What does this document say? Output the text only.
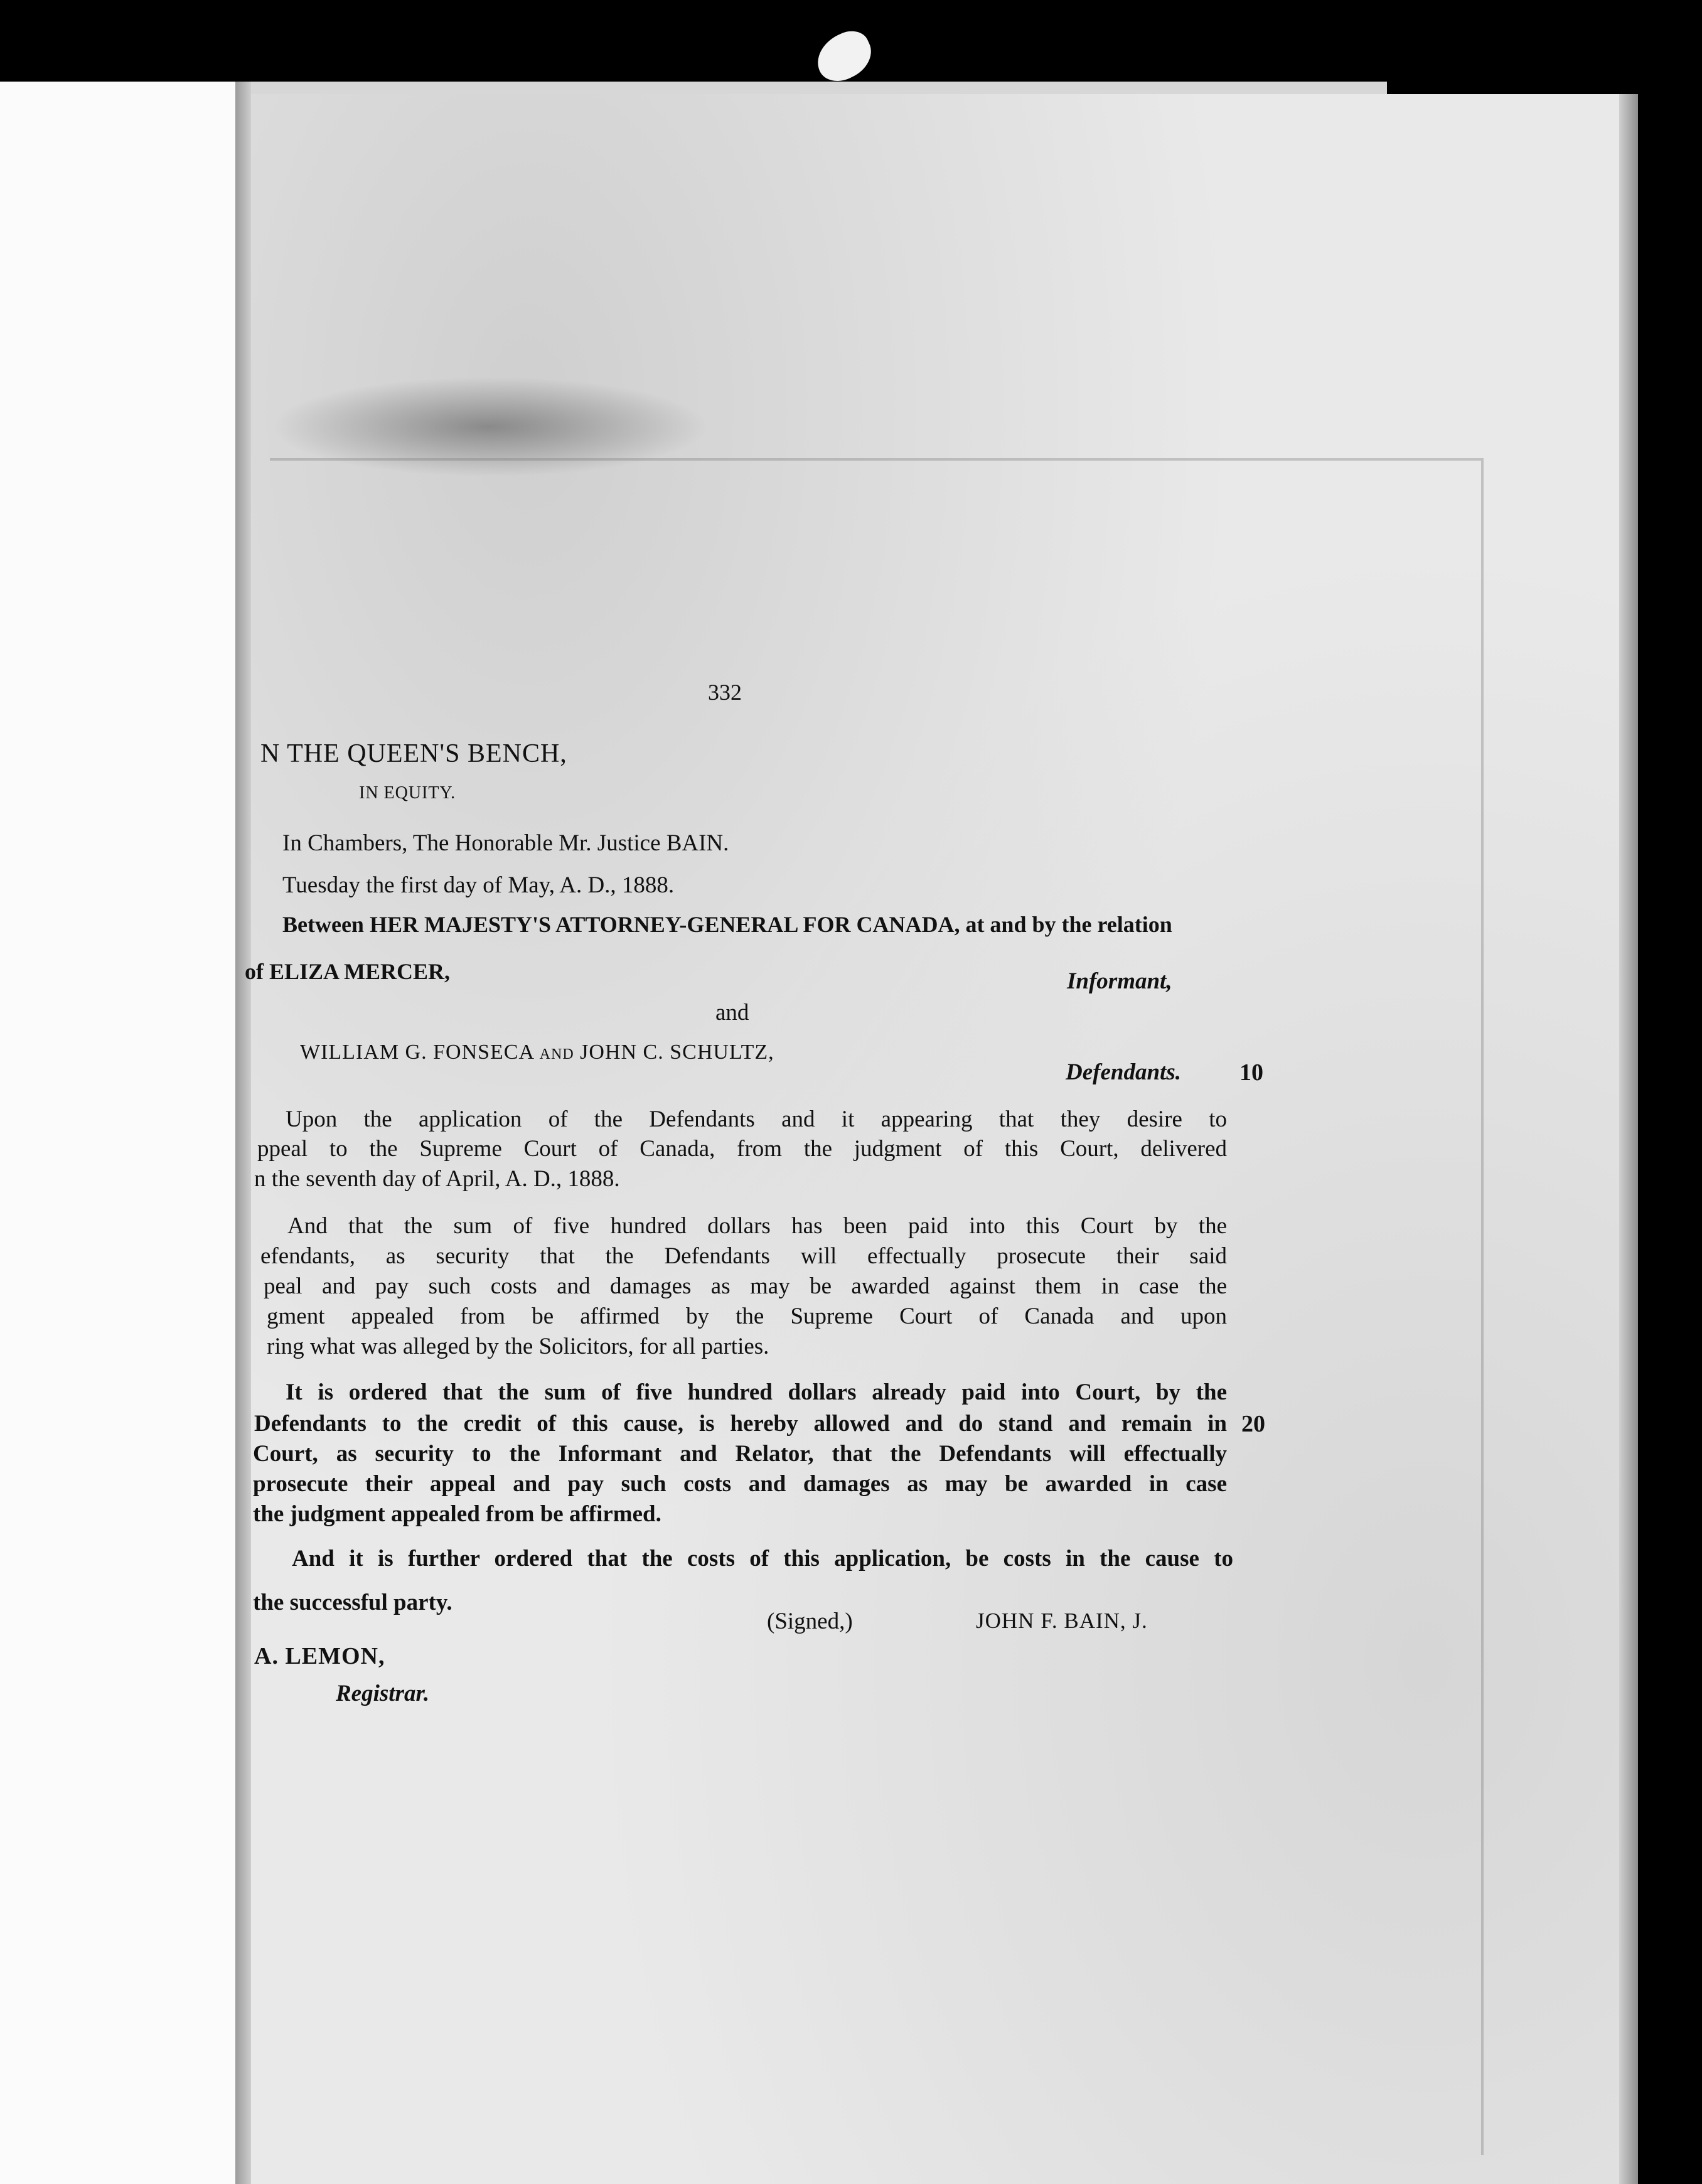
332
N THE QUEEN'S BENCH,
IN EQUITY.
In Chambers, The Honorable Mr. Justice BAIN.
Tuesday the first day of May, A. D., 1888.
Between HER MAJESTY'S ATTORNEY-GENERAL FOR CANADA, at and by the relation
of ELIZA MERCER,	Informant,
and
WILLIAM G. FONSECA and JOHN C. SCHULTZ,
Defendants. 10
Upon the application of the Defendants and it appearing that they desire to
ppeal to the Supreme Court of Canada, from the judgment of this Court, delivered
n the seventh day of April, A. D., 1888.
And that the sum of five hundred dollars has been paid into this Court by the
efendants, as security that the Defendants will effectually prosecute their said
peal and pay such costs and damages as may be awarded against them in case the
gment appealed from be affirmed by the Supreme Court of Canada and upon
ring what was alleged by the Solicitors, for all parties.
It is ordered that the sum of five hundred dollars already paid into Court, by the
Defendants to the credit of this cause, is hereby allowed and do stand and remain in 20
Court, as security to the Informant and Relator, that the Defendants will effectually
prosecute their appeal and pay such costs and damages as may be awarded in case
the judgment appealed from be affirmed.
And it is further ordered that the costs of this application, be costs in the cause to
the successful party.
(Signed,)	JOHN F. BAIN, J.
A. LEMON,
Registrar.
